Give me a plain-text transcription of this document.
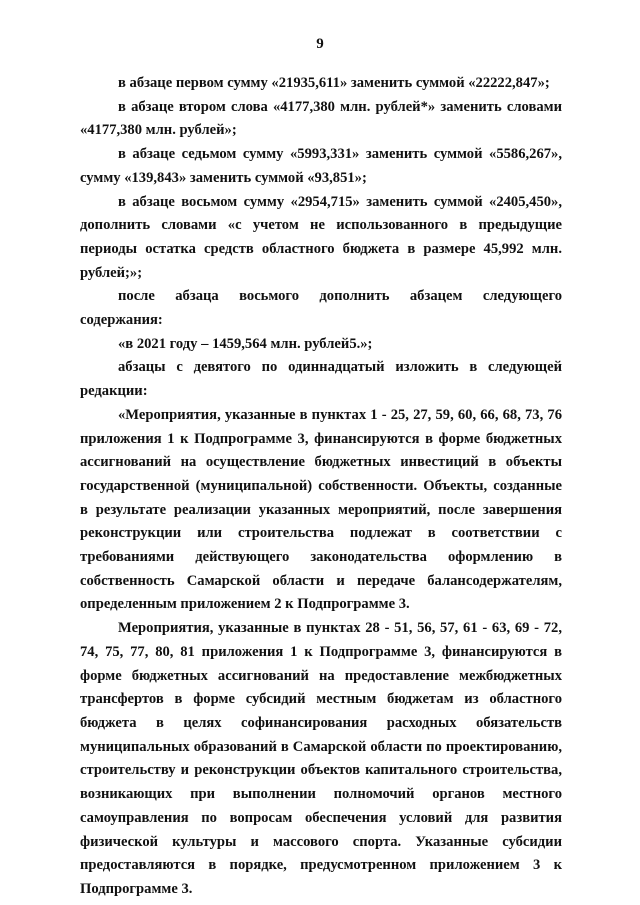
9

в абзаце первом сумму «21935,611» заменить суммой «22222,847»;

в абзаце втором слова «4177,380 млн. рублей*» заменить словами «4177,380 млн. рублей»;

в абзаце седьмом сумму «5993,331» заменить суммой «5586,267», сумму «139,843» заменить суммой «93,851»;

в абзаце восьмом сумму «2954,715» заменить суммой «2405,450», дополнить словами «с учетом не использованного в предыдущие периоды остатка средств областного бюджета в размере 45,992 млн. рублей;»;

после абзаца восьмого дополнить абзацем следующего содержания:

«в 2021 году – 1459,564 млн. рублей5.»;

абзацы с девятого по одиннадцатый изложить в следующей редакции:

«Мероприятия, указанные в пунктах 1 - 25, 27, 59, 60, 66, 68, 73, 76 приложения 1 к Подпрограмме 3, финансируются в форме бюджетных ассигнований на осуществление бюджетных инвестиций в объекты государственной (муниципальной) собственности. Объекты, созданные в результате реализации указанных мероприятий, после завершения реконструкции или строительства подлежат в соответствии с требованиями действующего законодательства оформлению в собственность Самарской области и передаче балансодержателям, определенным приложением 2 к Подпрограмме 3.

Мероприятия, указанные в пунктах 28 - 51, 56, 57, 61 - 63, 69 - 72, 74, 75, 77, 80, 81 приложения 1 к Подпрограмме 3, финансируются в форме бюджетных ассигнований на предоставление межбюджетных трансфертов в форме субсидий местным бюджетам из областного бюджета в целях софинансирования расходных обязательств муниципальных образований в Самарской области по проектированию, строительству и реконструкции объектов капитального строительства, возникающих при выполнении полномочий органов местного самоуправления по вопросам обеспечения условий для развития физической культуры и массового спорта. Указанные субсидии предоставляются в порядке, предусмотренном приложением 3 к Подпрограмме 3.
